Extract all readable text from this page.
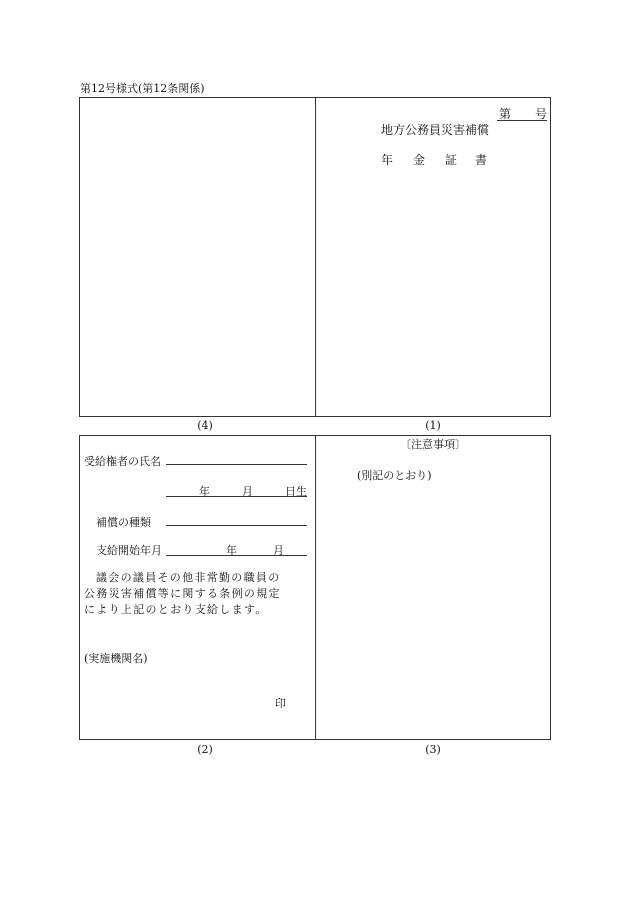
第12号様式(第12条関係)
第 号
地方公務員災害補償
年 金 証 書
(4)	(1)
受給権者の氏名
年	月	日生
補償の種類
支給開始年月	年	月
議会の議員その他非常勤の職員の
公務災害補償等に関する条例の規定
により上記のとおり支給します。
(実施機関名)
印
〔注意事項〕
(別記のとおり)
(2)	(3)
